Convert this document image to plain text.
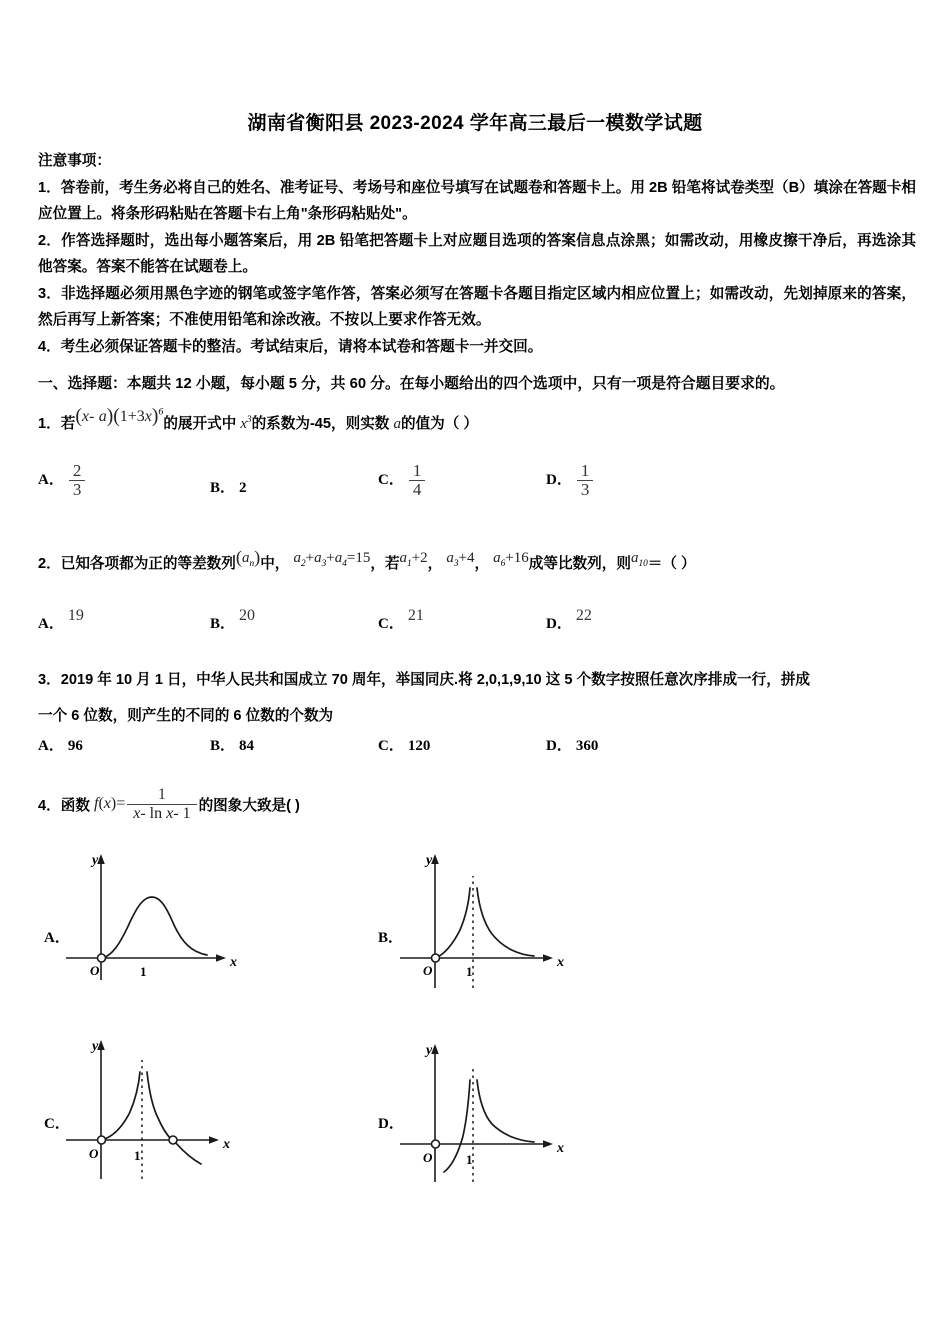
湖南省衡阳县 2023-2024 学年高三最后一模数学试题
注意事项：
1．答卷前，考生务必将自己的姓名、准考证号、考场号和座位号填写在试题卷和答题卡上。用 2B 铅笔将试卷类型（B）填涂在答题卡相应位置上。将条形码粘贴在答题卡右上角"条形码粘贴处"。
2．作答选择题时，选出每小题答案后，用 2B 铅笔把答题卡上对应题目选项的答案信息点涂黑；如需改动，用橡皮擦干净后，再选涂其他答案。答案不能答在试题卷上。
3．非选择题必须用黑色字迹的钢笔或签字笔作答，答案必须写在答题卡各题目指定区域内相应位置上；如需改动，先划掉原来的答案，然后再写上新答案；不准使用铅笔和涂改液。不按以上要求作答无效。
4．考生必须保证答题卡的整洁。考试结束后，请将本试卷和答题卡一并交回。
一、选择题：本题共 12 小题，每小题 5 分，共 60 分。在每小题给出的四个选项中，只有一项是符合题目要求的。
1．若(x- $a)(1+3x)^6$的展开式中 $x^3$的系数为-45，则实数 a的值为（ ）
A． $\frac{2}{3}$	B． 2	C． $\frac{1}{4}$	D． $\frac{1}{3}$
2．已知各项都为正的等差数列$(a_n)$中， $a_2+a_3+a_4=15$，若$a_1+2$， $a_3+4$， $a_6+16$成等比数列，则$a_{10}=$（ ）
A． 19	B． 20	C． 21	D． 22
3．2019 年 10 月 1 日，中华人民共和国成立 70 周年，举国同庆.将 2,0,1,9,10 这 5 个数字按照任意次序排成一行，拼成
一个 6 位数，则产生的不同的 6 位数的个数为
A． 96	B． 84	C． 120	D． 360
4．函数 $f(x)= \frac{1}{\text{x- ln x- 1}}$ 的图象大致是( )
A．
O	1
x
y
B．
O	1
x
y
C．
O	1
x
y
D．
O	1
x
y
